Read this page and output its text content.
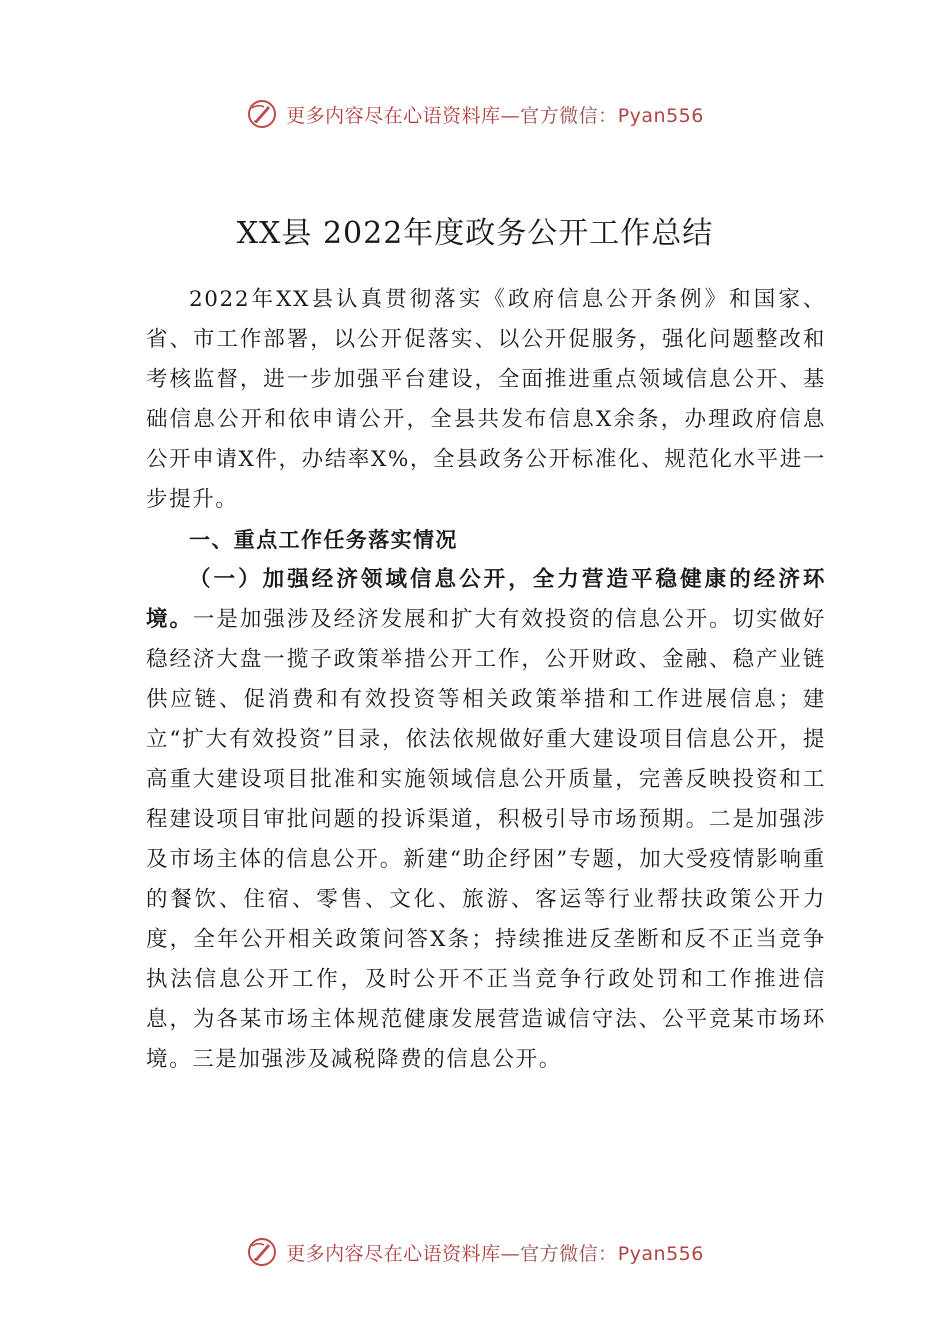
更多内容尽在心语资料库—官方微信：Pyan556
XX县 2022年度政务公开工作总结

2022年XX县认真贯彻落实《政府信息公开条例》和国家、省、市工作部署，以公开促落实、以公开促服务，强化问题整改和考核监督，进一步加强平台建设，全面推进重点领域信息公开、基础信息公开和依申请公开，全县共发布信息X余条，办理政府信息公开申请X件，办结率X%，全县政务公开标准化、规范化水平进一步提升。

一、重点工作任务落实情况

（一）加强经济领域信息公开，全力营造平稳健康的经济环境。一是加强涉及经济发展和扩大有效投资的信息公开。切实做好稳经济大盘一揽子政策举措公开工作，公开财政、金融、稳产业链供应链、促消费和有效投资等相关政策举措和工作进展信息；建立“扩大有效投资”目录，依法依规做好重大建设项目信息公开，提高重大建设项目批准和实施领域信息公开质量，完善反映投资和工程建设项目审批问题的投诉渠道，积极引导市场预期。二是加强涉及市场主体的信息公开。新建“助企纾困”专题，加大受疫情影响重的餐饮、住宿、零售、文化、旅游、客运等行业帮扶政策公开力度，全年公开相关政策问答X条；持续推进反垄断和反不正当竞争执法信息公开工作，及时公开不正当竞争行政处罚和工作推进信息，为各某市场主体规范健康发展营造诚信守法、公平竞某市场环境。三是加强涉及减税降费的信息公开。

更多内容尽在心语资料库—官方微信：Pyan556
